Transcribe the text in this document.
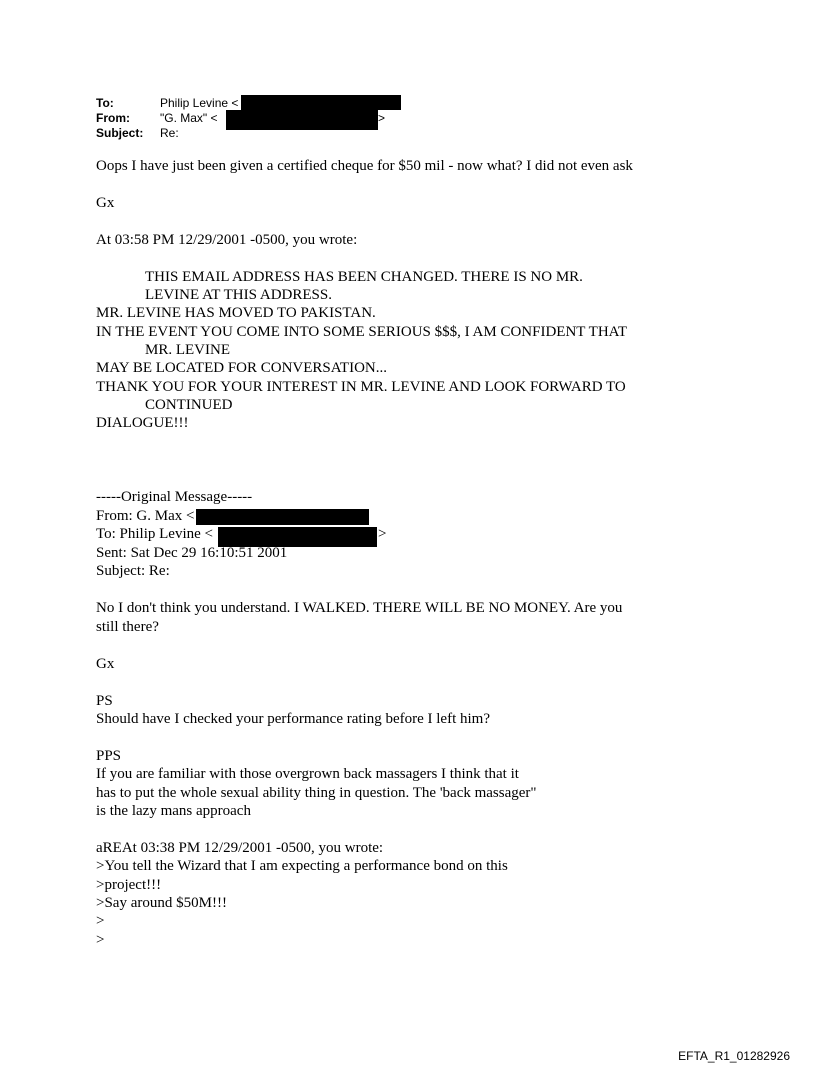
To:	Philip Levine <
From:	"G. Max" <	>
Subject: Re:
Oops I have just been given a certified cheque for $50 mil - now what? I did not even ask
Gx
At 03:58 PM 12/29/2001 -0500, you wrote:
THIS EMAIL ADDRESS HAS BEEN CHANGED. THERE IS NO MR.
LEVINE AT THIS ADDRESS.
MR. LEVINE HAS MOVED TO PAKISTAN.
IN THE EVENT YOU COME INTO SOME SERIOUS $$$, I AM CONFIDENT THAT
MR. LEVINE
MAY BE LOCATED FOR CONVERSATION...
THANK YOU FOR YOUR INTEREST IN MR. LEVINE AND LOOK FORWARD TO
CONTINUED
DIALOGUE!!!
-----Original Message-----
From: G. Max <
To: Philip Levine <	>
Sent: Sat Dec 29 16:10:51 2001
Subject: Re:
No I don't think you understand. I WALKED. THERE WILL BE NO MONEY. Are you
still there?
Gx
PS
Should have I checked your performance rating before I left him?
PPS
If you are familiar with those overgrown back massagers I think that it
has to put the whole sexual ability thing in question. The 'back massager"
is the lazy mans approach
aREAt 03:38 PM 12/29/2001 -0500, you wrote:
>You tell the Wizard that I am expecting a performance bond on this
>project!!!
>Say around $50M!!!
>
>
EFTA_R1_01282926
